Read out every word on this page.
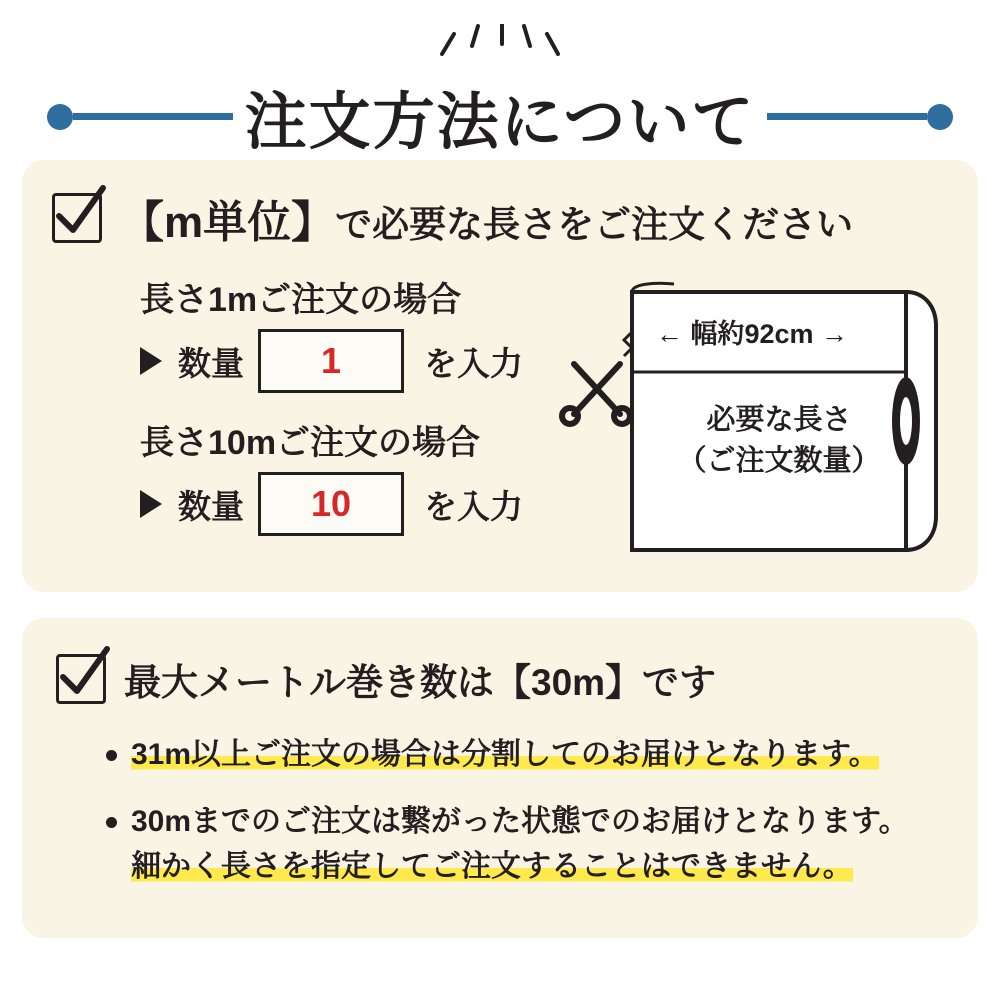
注文方法について
【m単位】で必要な長さをご注文ください
長さ1mご注文の場合
数量 1	を入力
長さ10mご注文の場合
数量 10 を入力
← 幅約92cm →
必要な長さ
（ご注文数量）
最大メートル巻き数は【30m】です
31m以上ご注文の場合は分割してのお届けとなります。
30mまでのご注文は繋がった状態でのお届けとなります。
細かく長さを指定してご注文することはできません。
